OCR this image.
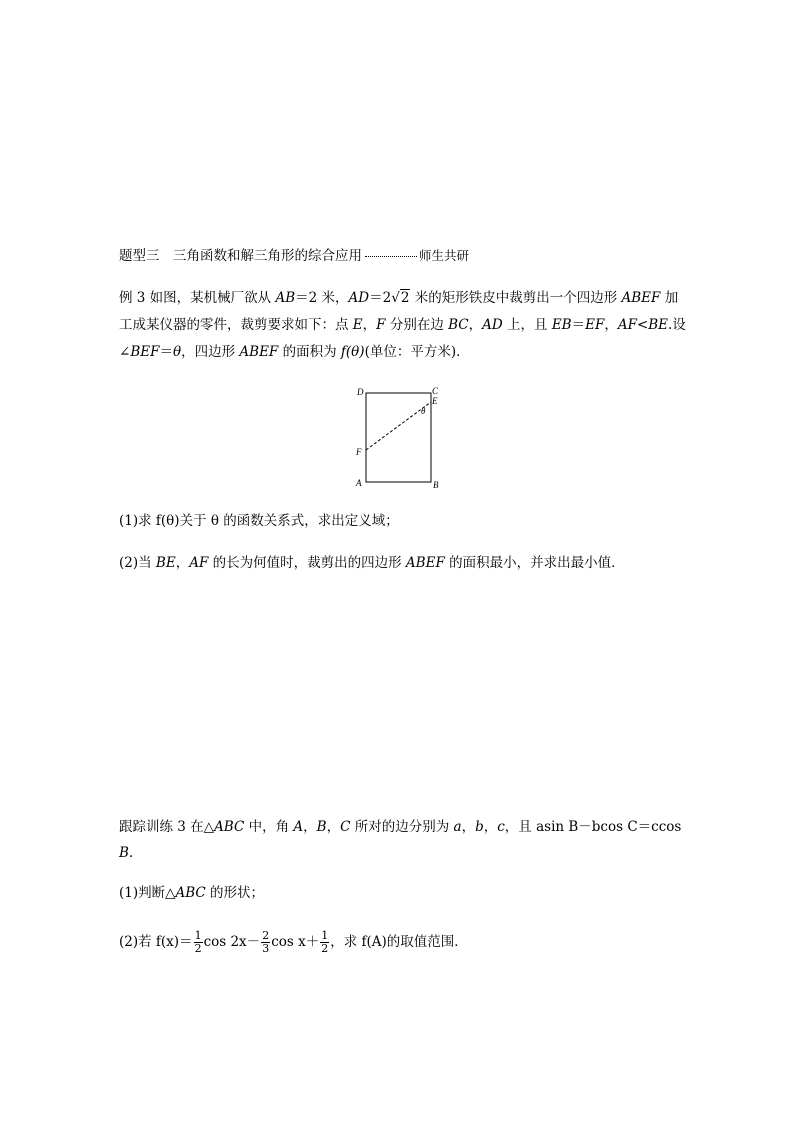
题型三　三角函数和解三角形的综合应用	师生共研
例 3 如图，某机械厂欲从 AB＝2 米，AD＝2√2 米的矩形铁皮中裁剪出一个四边形 ABEF 加
工成某仪器的零件，裁剪要求如下：点 E，F 分别在边 BC，AD 上，且 EB＝EF，AF<BE.设
∠BEF＝θ，四边形 ABEF 的面积为 f(θ)(单位：平方米)．
D	C
E
θ
F
A	B
(1)求 f(θ)关于 θ 的函数关系式，求出定义域；
(2)当 BE，AF 的长为何值时，裁剪出的四边形 ABEF 的面积最小，并求出最小值．
跟踪训练 3 在△ABC 中，角 A，B，C 所对的边分别为 a，b，c，且 asin B－bcos C＝ccos
B.
(1)判断△ABC 的形状；
(2)若 $f(x)= \frac{1}{2}$ $\cos 2x- \frac{2}{3}$ $\cos x+ \frac{1}{2}$ ，求 f(A)的取值范围．
